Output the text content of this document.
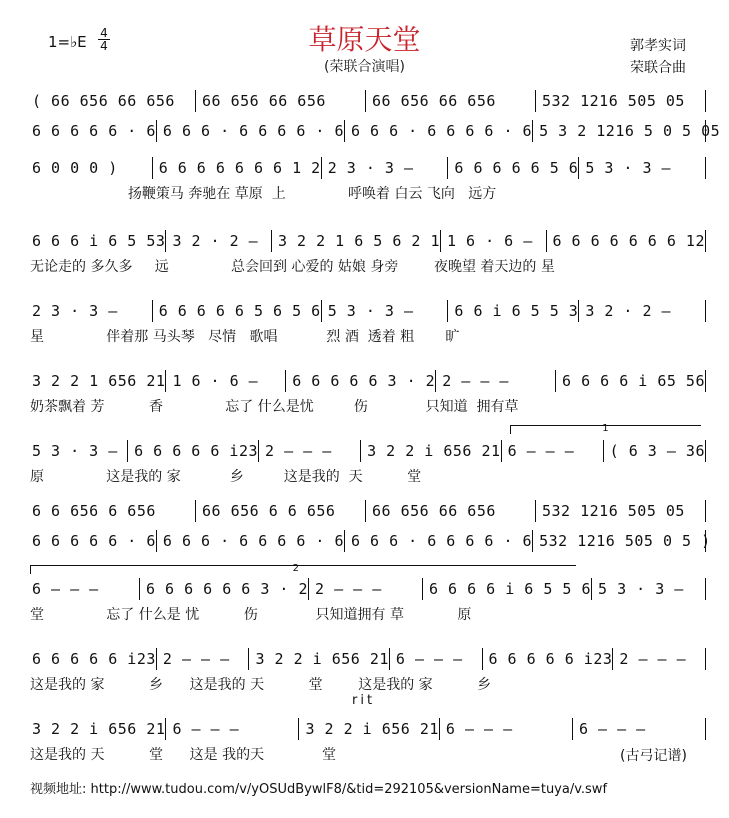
草原天堂
(荣联合演唱)
1=♭E 4
4	郭孝实词
荣联合曲
( 66 656 66 656	66 656 66 656	66 656 66 656	532 1216 505 05
6 6 6 6 6 · 6 6 6 6 · 6 6 6 6 · 6 6 6 6 · 6 6 6 6 · 6 5 3 2 1216 5 0 5 05
6 0 0 0 )	6 6 6 6 6 6 6 1 2 2 3 · 3 –	6 6 6 6 6 5 6 5 3 · 3 –
扬鞭策马 奔驰在 草原  上              呼唤着 白云 飞向   远方
6 6 6 i 6 5 53 3 2 · 2 –	3 2 2 1 6 5 6 2 1 1 6 · 6 –	6 6 6 6 6 6 6 12
无论走的 多久多     远              总会回到 心爱的 姑娘 身旁        夜晚望 着天边的 星
2 3 · 3 –	6 6 6 6 6 5 6 5 6 5 3 · 3 –	6 6 i 6 5 5 3 3 2 · 2 –
星              伴着那 马头琴   尽情   歌唱           烈 酒  透着 粗       旷
3 2 2 1 656 21 1 6 · 6 –	6 6 6 6 6 3 · 2 2 – – –	6 6 6 6 i 65 56
奶茶飘着 芳          香              忘了 什么是忧         伤             只知道  拥有草
5 3 · 3 –	6 6 6 6 6 i23 2 – – –	3 2 2 i 656 21 6 – – –	( 6 3 – 36
原              这是我的 家           乡         这是我的  天          堂
6 6 656 6 656	66 656 6 6 656	66 656 66 656	532 1216 505 05
6 6 6 6 6 · 6 6 6 6 · 6 6 6 6 · 6 6 6 6 · 6 6 6 6 · 6 532 1216 505 0 5 )
6 – – –	6 6 6 6 6 6 3 · 2 2 – – –	6 6 6 6 i 6 5 5 6 5 3 · 3 –
堂              忘了 什么是 忧          伤             只知道拥有 草            原
6 6 6 6 6 i23 2 – – –	3 2 2 i 656 21 6 – – –	6 6 6 6 6 i23 2 – – –
这是我的 家          乡      这是我的 天          堂        这是我的 家          乡
3 2 2 i 656 21 6 – – –	3 2 2 i 656 21 6 – – –	6 – – –
这是我的 天          堂      这是 我的天             堂
1
2
rit
(古弓记谱)
视频地址: http://www.tudou.com/v/yOSUdBywlF8/&tid=292105&versionName=tuya/v.swf
